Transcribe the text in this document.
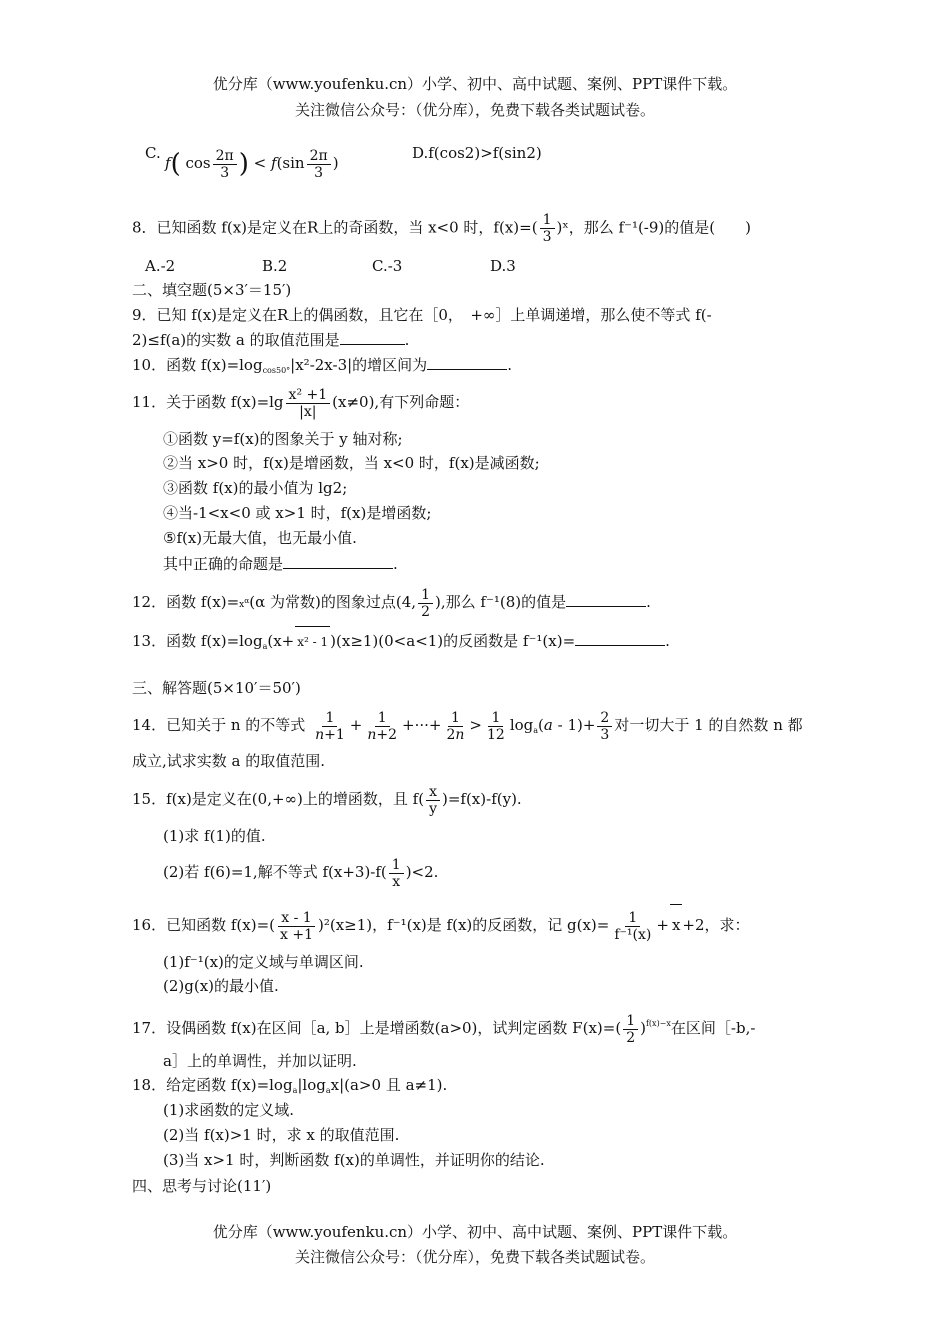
优分库（www.youfenku.cn）小学、初中、高中试题、案例、PPT课件下载。
关注微信公众号：（优分库），免费下载各类试题试卷。
C.
f( $\cos \frac{2\pi}{3}$ ) < $f(\sin \frac{2\pi}{3}$ )
D.f(cos2)>f(sin2)
8．已知函数 f(x)是定义在R上的奇函数，当 x<0 时，$f(x)=( \frac{1}{3}$ )ˣ，那么 f⁻¹(-9)的值是(　　)
A.-2	B.2	C.-3	D.3
二、填空题(5×3′＝15′)
9．已知 f(x)是定义在R上的偶函数，且它在［0，　+∞］上单调递增，那么使不等式 f(-
2)≤f(a)的实数 a 的取值范围是	.
10．函数 $f(x)=\log_{cos50^\circ}|x^2-2x-3|$的增区间为	.
11．关于函数 $f(x)=\lg \frac{\text{x² +1}}{|x|} (x\ne 0)$,有下列命题：
①函数 y=f(x)的图象关于 y 轴对称;
②当 x>0 时，f(x)是增函数，当 x<0 时，f(x)是减函数;
③函数 f(x)的最小值为 lg2;
④当-1<x<0 或 x>1 时，f(x)是增函数;
⑤f(x)无最大值，也无最小值.
其中正确的命题是	.
12．函数 $f(x)=x^\alpha(\alpha$ 为常数)的图象过点(4, $\frac{1}{2}$ ),那么 f⁻¹(8)的值是	.
13．函数 $f(x)=\log_a(x+ x^2 - 1$ )(x≥1)(0<a<1)的反函数是 f⁻¹(x)=	.
三、解答题(5×10′＝50′)
14．已知关于 n 的不等式 $\frac{1}{n+1} + \frac{1}{n+2}$ +···+ $\frac{1}{2n} > \frac{1}{12} \log_a(a - 1)+ \frac{2}{3}$ 对一切大于 1 的自然数 n 都
成立,试求实数 a 的取值范围.
15．f(x)是定义在(0,+∞)上的增函数，且 $f( \frac{x}{y} )=f(x)-f(y)$.
(1)求 f(1)的值.
(2)若 f(6)=1,解不等式 $f(x+3)-f( \frac{1}{x} )<2$.
16．已知函数 $f(x)=( \frac{x - 1}{x +1} )^2(x\ge 1)$，f⁻¹(x)是 f(x)的反函数，记 $g(x)= \frac{1}{\text{f⁻¹(x)}} + x +2$，求：
(1)f⁻¹(x)的定义域与单调区间.
(2)g(x)的最小值.
17．设偶函数 f(x)在区间［a, b］上是增函数(a>0)，试判定函数 $F(x)=( \frac{1}{2} )^{f(x)-x}$在区间［-b,-
a］上的单调性，并加以证明.
18．给定函数 $f(x)=\log_a|\log_ax|(a>0$ 且 a≠1).
(1)求函数的定义域.
(2)当 f(x)>1 时，求 x 的取值范围.
(3)当 x>1 时，判断函数 f(x)的单调性，并证明你的结论.
四、思考与讨论(11′)
优分库（www.youfenku.cn）小学、初中、高中试题、案例、PPT课件下载。
关注微信公众号：（优分库），免费下载各类试题试卷。
